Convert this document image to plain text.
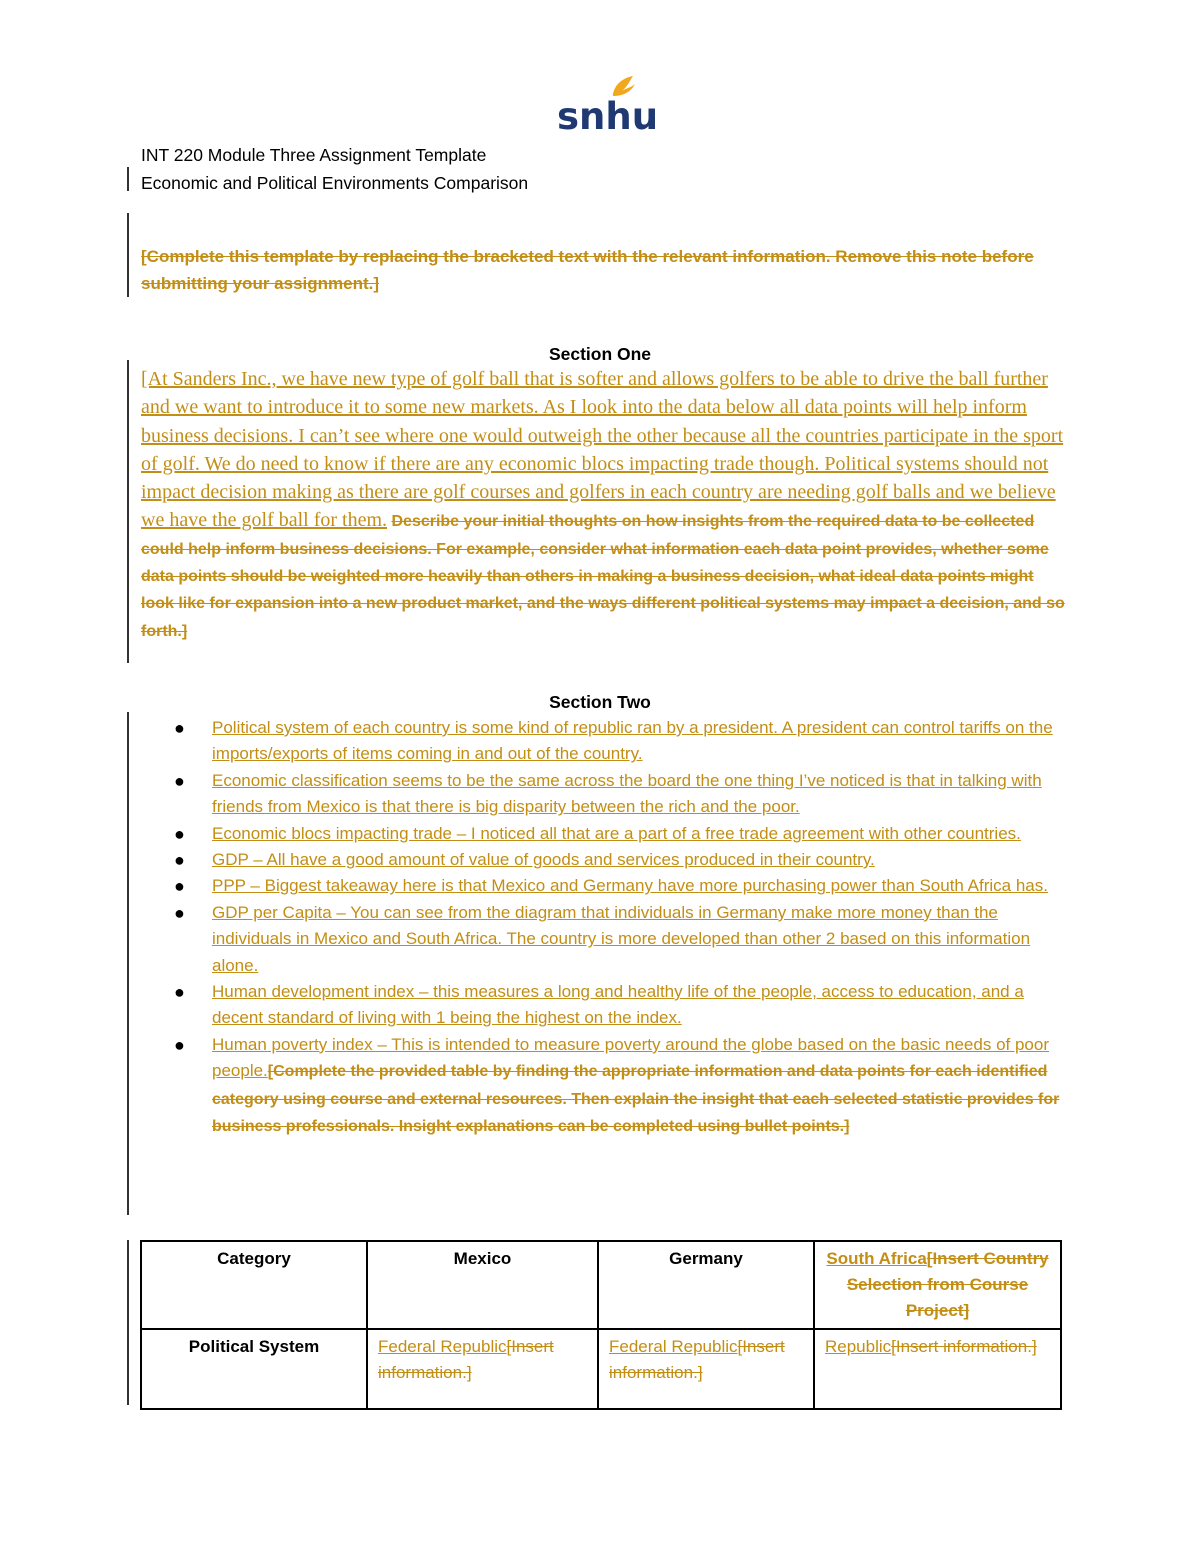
snhu
INT 220 Module Three Assignment Template
Economic and Political Environments Comparison
[Complete this template by replacing the bracketed text with the relevant information. Remove this note before submitting your assignment.]
Section One
[At Sanders Inc., we have new type of golf ball that is softer and allows golfers to be able to drive the ball further and we want to introduce it to some new markets. As I look into the data below all data points will help inform business decisions. I can’t see where one would outweigh the other because all the countries participate in the sport of golf. We do need to know if there are any economic blocs impacting trade though. Political systems should not impact decision making as there are golf courses and golfers in each country are needing golf balls and we believe we have the golf ball for them. Describe your initial thoughts on how insights from the required data to be collected could help inform business decisions. For example, consider what information each data point provides, whether some data points should be weighted more heavily than others in making a business decision, what ideal data points might look like for expansion into a new product market, and the ways different political systems may impact a decision, and so forth.]
Section Two
● Political system of each country is some kind of republic ran by a president. A president can control tariffs on the imports/exports of items coming in and out of the country.
● Economic classification seems to be the same across the board the one thing I’ve noticed is that in talking with friends from Mexico is that there is big disparity between the rich and the poor.
● Economic blocs impacting trade – I noticed all that are a part of a free trade agreement with other countries.
● GDP – All have a good amount of value of goods and services produced in their country.
● PPP – Biggest takeaway here is that Mexico and Germany have more purchasing power than South Africa has.
● GDP per Capita – You can see from the diagram that individuals in Germany make more money than the individuals in Mexico and South Africa. The country is more developed than other 2 based on this information alone.
● Human development index – this measures a long and healthy life of the people, access to education, and a decent standard of living with 1 being the highest on the index.
● Human poverty index – This is intended to measure poverty around the globe based on the basic needs of poor people.[Complete the provided table by finding the appropriate information and data points for each identified category using course and external resources. Then explain the insight that each selected statistic provides for business professionals. Insight explanations can be completed using bullet points.]
Category	Mexico	Germany	South Africa[Insert Country Selection from Course Project]
Political System	Federal Republic[Insert information.]	Federal Republic[Insert information.]	Republic[Insert information.]
